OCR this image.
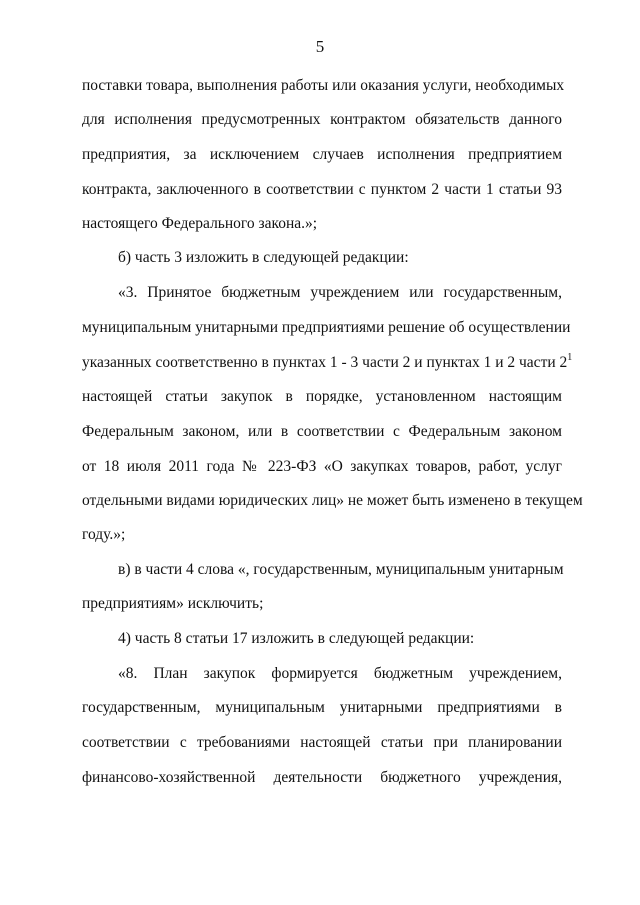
5
поставки товара, выполнения работы или оказания услуги, необходимых
для исполнения предусмотренных контрактом обязательств данного
предприятия, за исключением случаев исполнения предприятием
контракта, заключенного в соответствии с пунктом 2 части 1 статьи 93
настоящего Федерального закона.»;
б) часть 3 изложить в следующей редакции:
«3. Принятое бюджетным учреждением или государственным,
муниципальным унитарными предприятиями решение об осуществлении
указанных соответственно в пунктах 1 - 3 части 2 и пунктах 1 и 2 части $2^1$
настоящей статьи закупок в порядке, установленном настоящим
Федеральным законом, или в соответствии с Федеральным законом
от 18 июля 2011 года № 223-ФЗ «О закупках товаров, работ, услуг
отдельными видами юридических лиц» не может быть изменено в текущем
году.»;
в) в части 4 слова «, государственным, муниципальным унитарным
предприятиям» исключить;
4) часть 8 статьи 17 изложить в следующей редакции:
«8. План закупок формируется бюджетным учреждением,
государственным, муниципальным унитарными предприятиями в
соответствии с требованиями настоящей статьи при планировании
финансово-хозяйственной деятельности бюджетного учреждения,
